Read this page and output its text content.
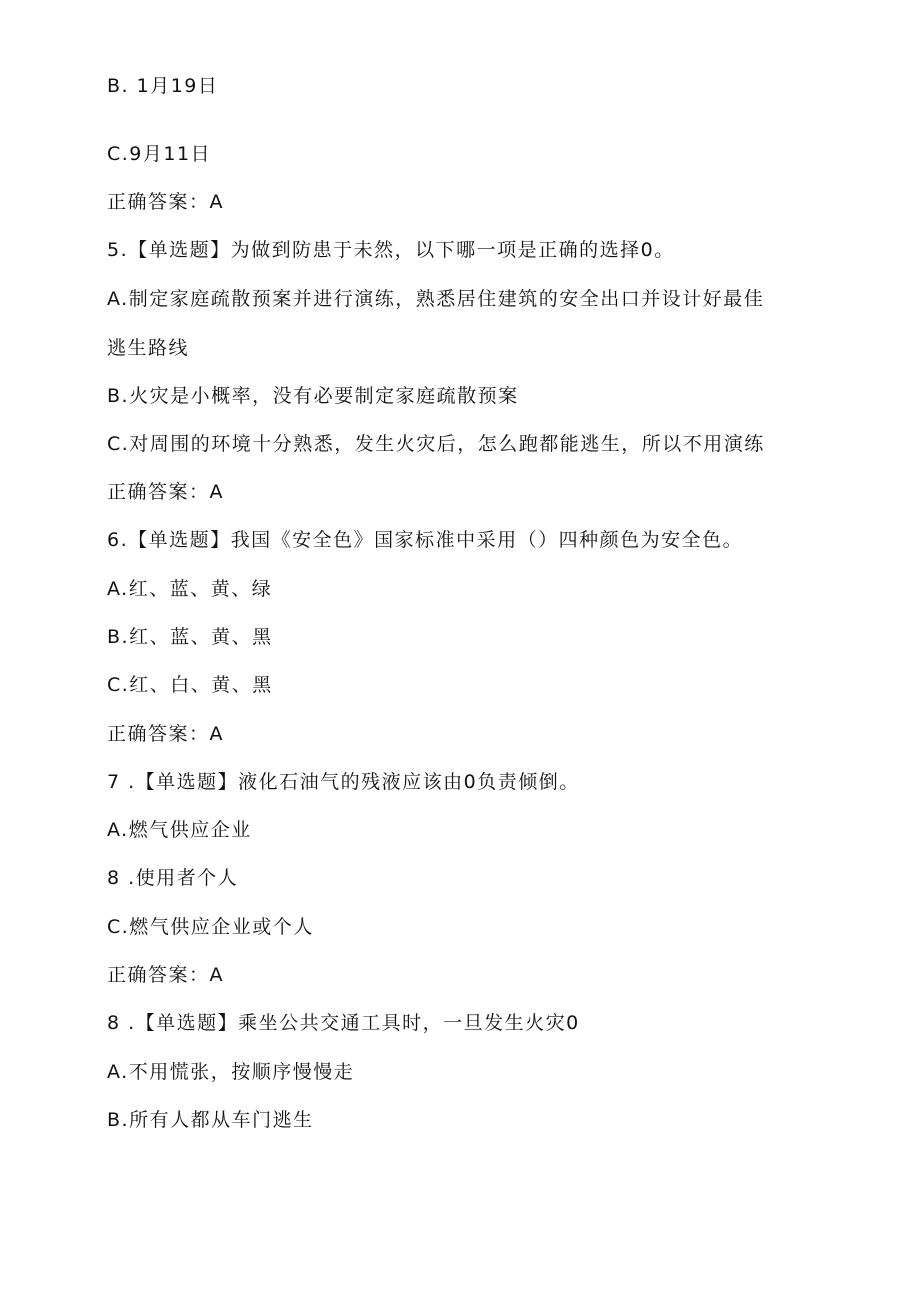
B. 1月19日
C.9月11日
正确答案：A
5.【单选题】为做到防患于未然，以下哪一项是正确的选择0。
A.制定家庭疏散预案并进行演练，熟悉居住建筑的安全出口并设计好最佳
逃生路线
B.火灾是小概率，没有必要制定家庭疏散预案
C.对周围的环境十分熟悉，发生火灾后，怎么跑都能逃生，所以不用演练
正确答案：A
6.【单选题】我国《安全色》国家标准中采用（）四种颜色为安全色。
A.红、蓝、黄、绿
B.红、蓝、黄、黑
C.红、白、黄、黑
正确答案：A
7 .【单选题】液化石油气的残液应该由0负责倾倒。
A.燃气供应企业
8 .使用者个人
C.燃气供应企业或个人
正确答案：A
8 .【单选题】乘坐公共交通工具时，一旦发生火灾0
A.不用慌张，按顺序慢慢走
B.所有人都从车门逃生
